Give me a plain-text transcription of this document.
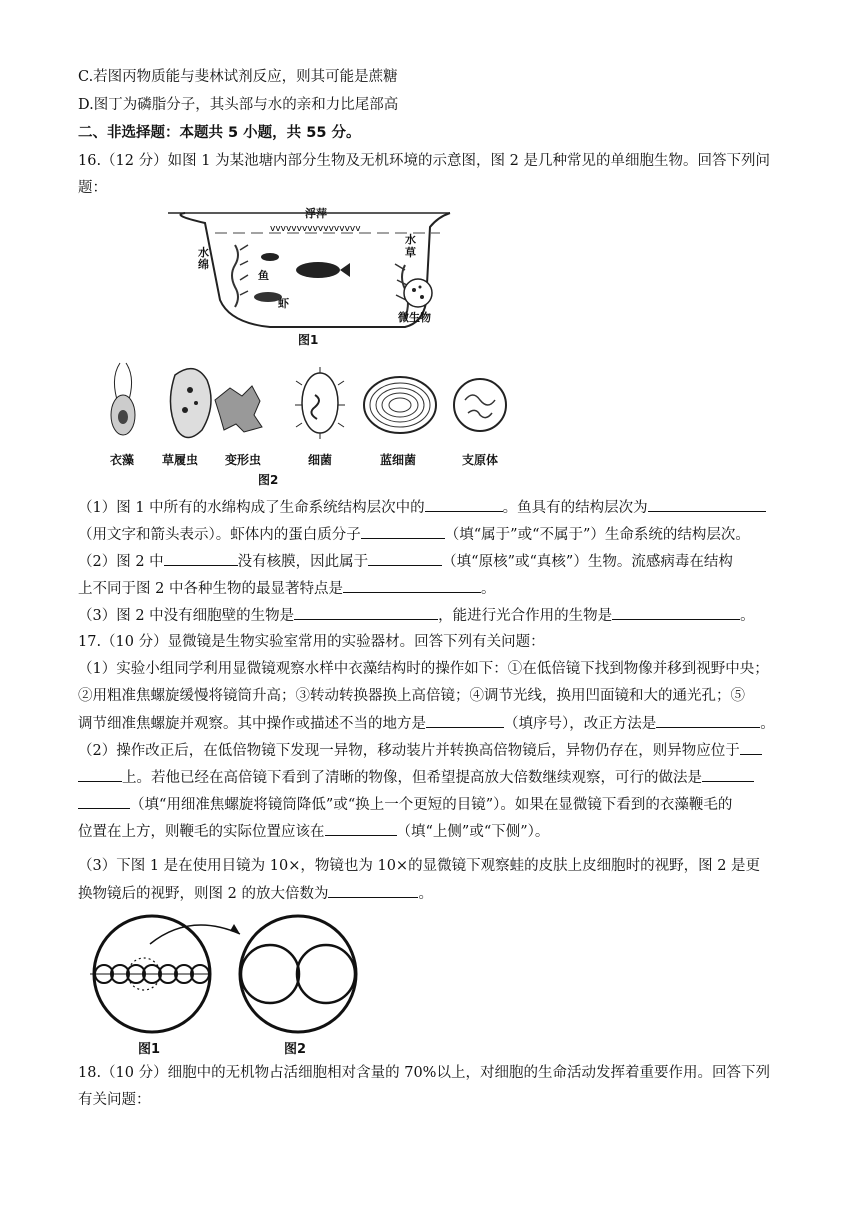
C.若图丙物质能与斐林试剂反应，则其可能是蔗糖
D.图丁为磷脂分子，其头部与水的亲和力比尾部高
二、非选择题：本题共 5 小题，共 55 分。
16.（12 分）如图 1 为某池塘内部分生物及无机环境的示意图，图 2 是几种常见的单细胞生物。回答下列问
题：
vvvvvvvvvvvvvvvvv
浮萍
水绵
鱼
虾
水草
微生物
图1
衣藻 草履虫 变形虫	细菌	蓝细菌	支原体
图2
（1）图 1 中所有的水绵构成了生命系统结构层次中的	。鱼具有的结构层次为
（用文字和箭头表示）。虾体内的蛋白质分子	（填“属于”或“不属于”）生命系统的结构层次。
（2）图 2 中	没有核膜，因此属于	（填“原核”或“真核”）生物。流感病毒在结构
上不同于图 2 中各种生物的最显著特点是	。
（3）图 2 中没有细胞壁的生物是	，能进行光合作用的生物是	。
17.（10 分）显微镜是生物实验室常用的实验器材。回答下列有关问题：
（1）实验小组同学利用显微镜观察水样中衣藻结构时的操作如下：①在低倍镜下找到物像并移到视野中央；
②用粗准焦螺旋缓慢将镜筒升高；③转动转换器换上高倍镜；④调节光线，换用凹面镜和大的通光孔；⑤
调节细准焦螺旋并观察。其中操作或描述不当的地方是	（填序号），改正方法是	。
（2）操作改正后，在低倍物镜下发现一异物，移动装片并转换高倍物镜后，异物仍存在，则异物应位于
上。若他已经在高倍镜下看到了清晰的物像，但希望提高放大倍数继续观察，可行的做法是
（填“用细准焦螺旋将镜筒降低”或“换上一个更短的目镜”）。如果在显微镜下看到的衣藻鞭毛的
位置在上方，则鞭毛的实际位置应该在	（填“上侧”或“下侧”）。
（3）下图 1 是在使用目镜为 10×，物镜也为 10×的显微镜下观察蛙的皮肤上皮细胞时的视野，图 2 是更
换物镜后的视野，则图 2 的放大倍数为	。
图1	图2
18.（10 分）细胞中的无机物占活细胞相对含量的 70%以上，对细胞的生命活动发挥着重要作用。回答下列
有关问题：
